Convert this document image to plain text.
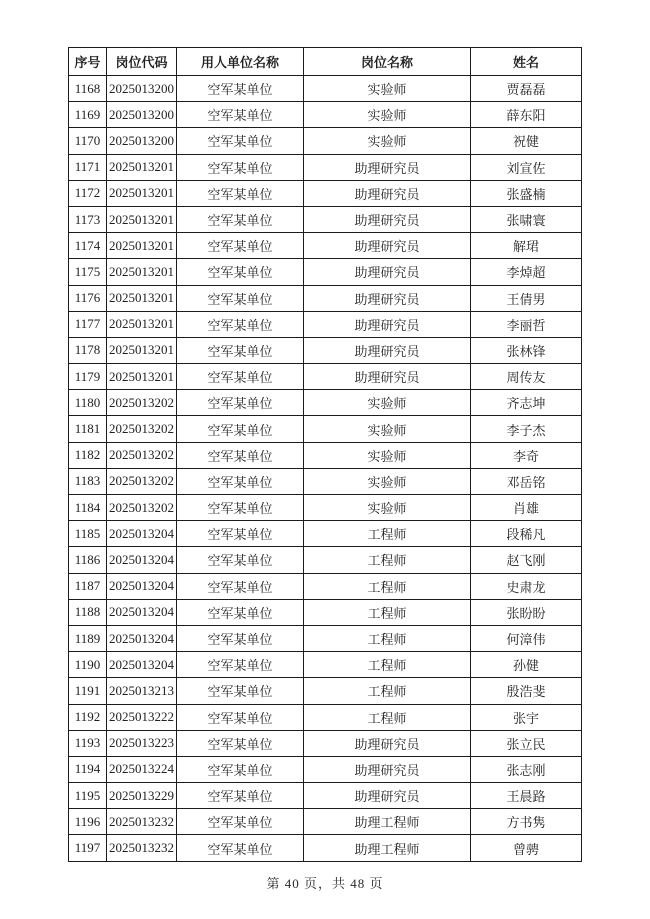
序号	岗位代码	用人单位名称	岗位名称	姓名
1168	2025013200	空军某单位	实验师	贾磊磊
1169	2025013200	空军某单位	实验师	薛东阳
1170	2025013200	空军某单位	实验师	祝健
1171	2025013201	空军某单位	助理研究员	刘宣佐
1172	2025013201	空军某单位	助理研究员	张盛楠
1173	2025013201	空军某单位	助理研究员	张啸寰
1174	2025013201	空军某单位	助理研究员	解珺
1175	2025013201	空军某单位	助理研究员	李焯超
1176	2025013201	空军某单位	助理研究员	王倩男
1177	2025013201	空军某单位	助理研究员	李丽哲
1178	2025013201	空军某单位	助理研究员	张林锋
1179	2025013201	空军某单位	助理研究员	周传友
1180	2025013202	空军某单位	实验师	齐志坤
1181	2025013202	空军某单位	实验师	李子杰
1182	2025013202	空军某单位	实验师	李奇
1183	2025013202	空军某单位	实验师	邓岳铭
1184	2025013202	空军某单位	实验师	肖雄
1185	2025013204	空军某单位	工程师	段稀凡
1186	2025013204	空军某单位	工程师	赵飞刚
1187	2025013204	空军某单位	工程师	史肃龙
1188	2025013204	空军某单位	工程师	张盼盼
1189	2025013204	空军某单位	工程师	何漳伟
1190	2025013204	空军某单位	工程师	孙健
1191	2025013213	空军某单位	工程师	殷浩斐
1192	2025013222	空军某单位	工程师	张宇
1193	2025013223	空军某单位	助理研究员	张立民
1194	2025013224	空军某单位	助理研究员	张志刚
1195	2025013229	空军某单位	助理研究员	王晨路
1196	2025013232	空军某单位	助理工程师	方书隽
1197	2025013232	空军某单位	助理工程师	曾骋
第 40 页，共 48 页
